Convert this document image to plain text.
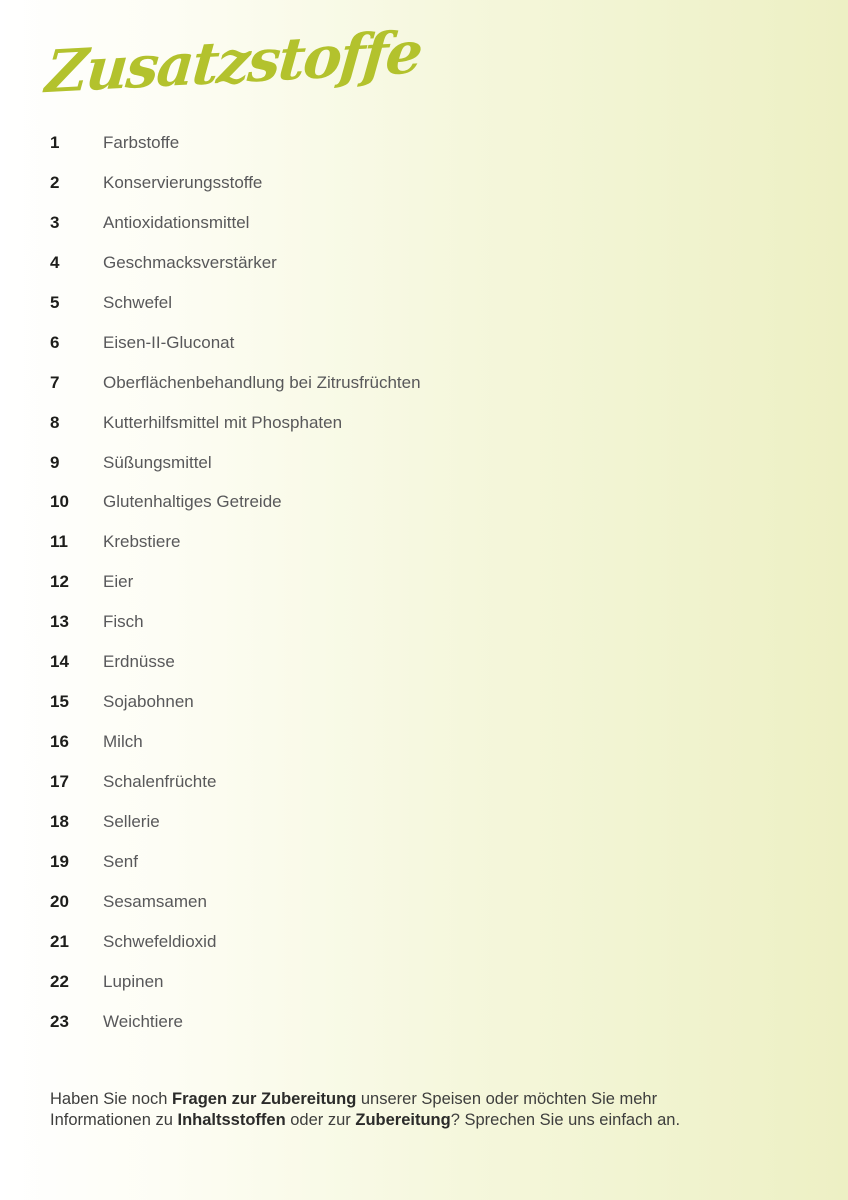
Zusatzstoffe
1	Farbstoffe
2	Konservierungsstoffe
3	Antioxidationsmittel
4	Geschmacksverstärker
5	Schwefel
6	Eisen-II-Gluconat
7	Oberflächenbehandlung bei Zitrusfrüchten
8	Kutterhilfsmittel mit Phosphaten
9	Süßungsmittel
10	Glutenhaltiges Getreide
11	Krebstiere
12	Eier
13	Fisch
14	Erdnüsse
15	Sojabohnen
16	Milch
17	Schalenfrüchte
18	Sellerie
19	Senf
20	Sesamsamen
21	Schwefeldioxid
22	Lupinen
23	Weichtiere
Haben Sie noch Fragen zur Zubereitung unserer Speisen oder möchten Sie mehr
Informationen zu Inhaltsstoffen oder zur Zubereitung? Sprechen Sie uns einfach an.
